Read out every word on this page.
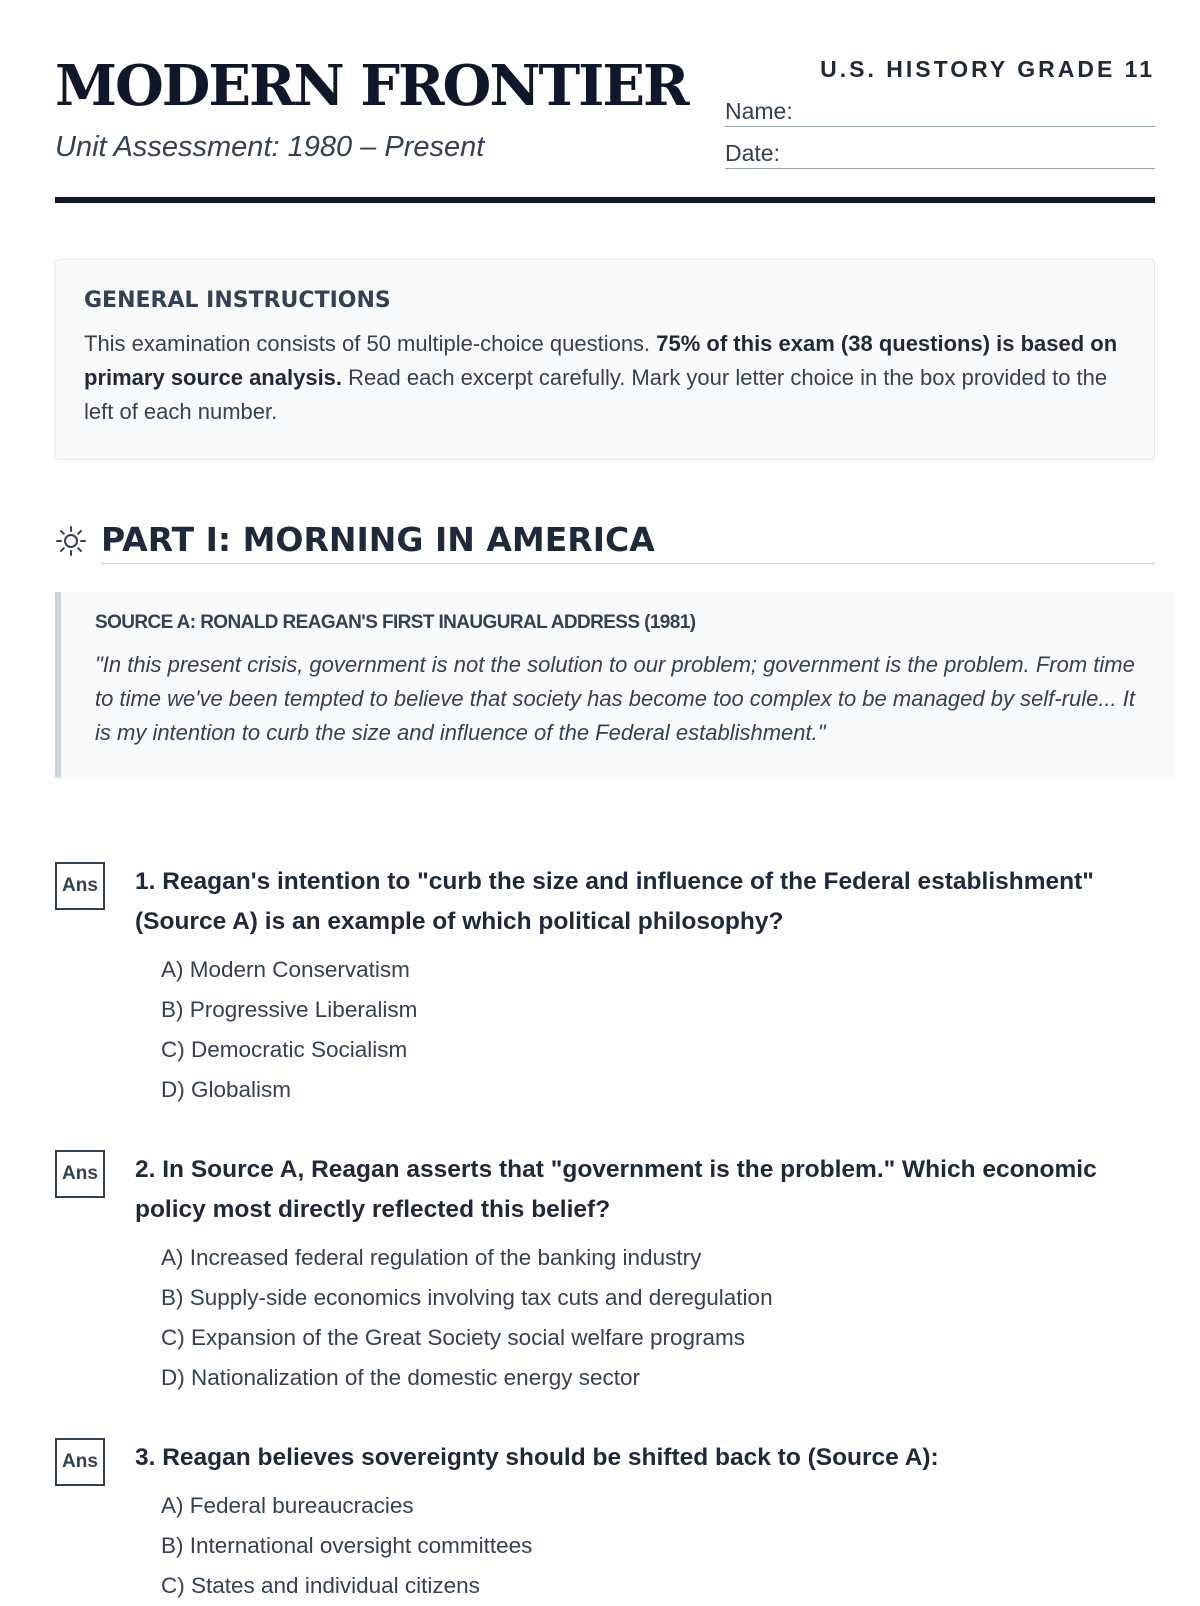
MODERN FRONTIER
Unit Assessment: 1980 – Present
U.S. HISTORY GRADE 11
Name:
Date:
GENERAL INSTRUCTIONS

This examination consists of 50 multiple-choice questions. 75% of this exam (38 questions) is based on primary source analysis. Read each excerpt carefully. Mark your letter choice in the box provided to the left of each number.

PART I: MORNING IN AMERICA
SOURCE A: RONALD REAGAN'S FIRST INAUGURAL ADDRESS (1981)
"In this present crisis, government is not the solution to our problem; government is the problem. From time to time we've been tempted to believe that society has become too complex to be managed by self-rule... It is my intention to curb the size and influence of the Federal establishment."
Ans 1. Reagan's intention to "curb the size and influence of the Federal establishment" (Source A) is an example of which political philosophy?
A) Modern Conservatism
B) Progressive Liberalism
C) Democratic Socialism
D) Globalism
Ans 2. In Source A, Reagan asserts that "government is the problem." Which economic policy most directly reflected this belief?
A) Increased federal regulation of the banking industry
B) Supply-side economics involving tax cuts and deregulation
C) Expansion of the Great Society social welfare programs
D) Nationalization of the domestic energy sector
Ans 3. Reagan believes sovereignty should be shifted back to (Source A):
A) Federal bureaucracies
B) International oversight committees
C) States and individual citizens
